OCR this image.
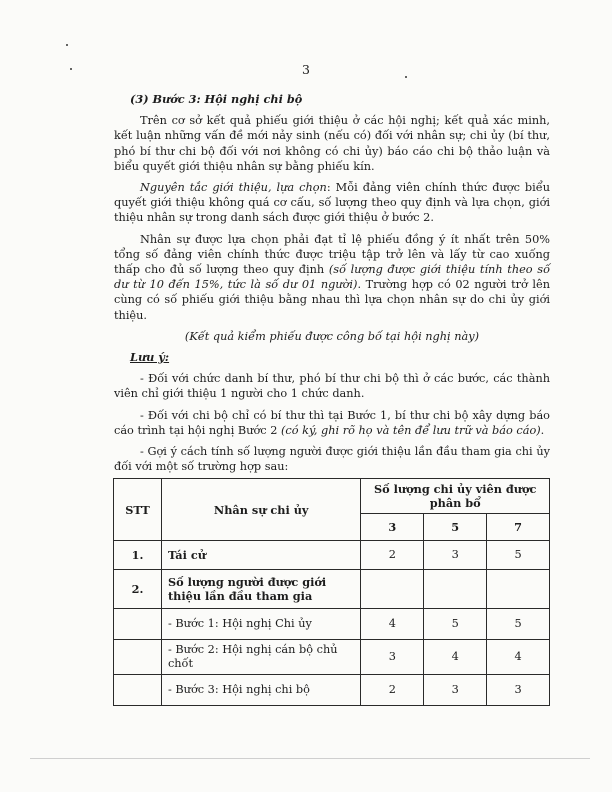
3

(3) Bước 3: Hội nghị chi bộ

Trên cơ sở kết quả phiếu giới thiệu ở các hội nghị; kết quả xác minh, kết luận những vấn đề mới nảy sinh (nếu có) đối với nhân sự; chi ủy (bí thư, phó bí thư chi bộ đối với nơi không có chi ủy) báo cáo chi bộ thảo luận và biểu quyết giới thiệu nhân sự bằng phiếu kín.

Nguyên tắc giới thiệu, lựa chọn: Mỗi đảng viên chính thức được biểu quyết giới thiệu không quá cơ cấu, số lượng theo quy định và lựa chọn, giới thiệu nhân sự trong danh sách được giới thiệu ở bước 2.

Nhân sự được lựa chọn phải đạt tỉ lệ phiếu đồng ý ít nhất trên 50% tổng số đảng viên chính thức được triệu tập trở lên và lấy từ cao xuống thấp cho đủ số lượng theo quy định (số lượng được giới thiệu tính theo số dư từ 10 đến 15%, tức là số dư 01 người). Trường hợp có 02 người trở lên cùng có số phiếu giới thiệu bằng nhau thì lựa chọn nhân sự do chi ủy giới thiệu.

(Kết quả kiểm phiếu được công bố tại hội nghị này)

Lưu ý:

- Đối với chức danh bí thư, phó bí thư chi bộ thì ở các bước, các thành viên chỉ giới thiệu 1 người cho 1 chức danh.

- Đối với chi bộ chỉ có bí thư thì tại Bước 1, bí thư chi bộ xây dựng báo cáo trình tại hội nghị Bước 2 (có ký, ghi rõ họ và tên để lưu trữ và báo cáo).

- Gợi ý cách tính số lượng người được giới thiệu lần đầu tham gia chi ủy đối với một số trường hợp sau:

STT	Nhân sự chi ủy	Số lượng chi ủy viên được phân bổ		
		3	5	7
1.	Tái cử	2	3	5
2.	Số lượng người được giới thiệu lần đầu tham gia			
	- Bước 1: Hội nghị Chi ủy	4	5	5
	- Bước 2: Hội nghị cán bộ chủ chốt	3	4	4
	- Bước 3: Hội nghị chi bộ	2	3	3
